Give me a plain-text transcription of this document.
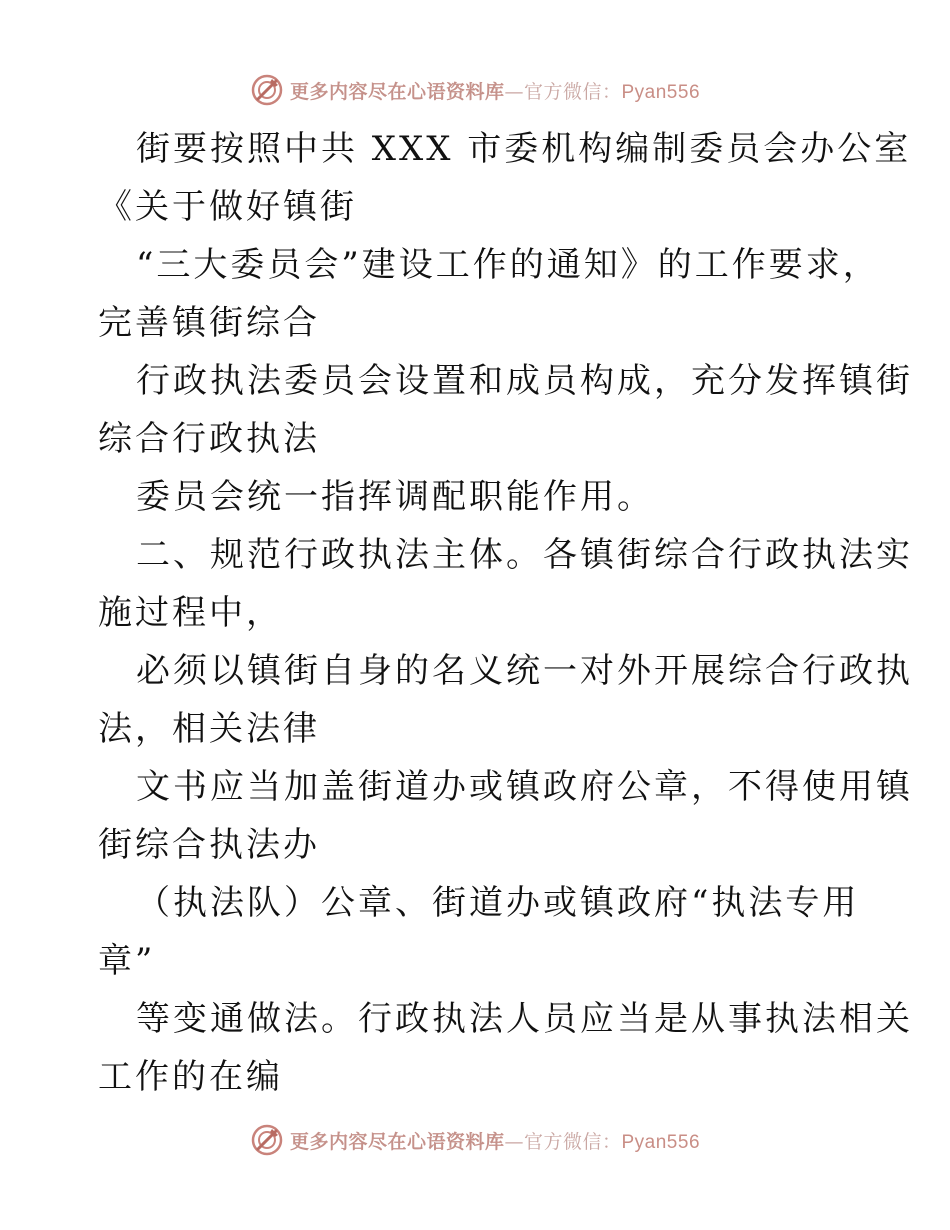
更多内容尽在心语资料库—官方微信：Pyan556
街要按照中共 XXX 市委机构编制委员会办公室
《关于做好镇街
“三大委员会”建设工作的通知》的工作要求，
完善镇街综合
行政执法委员会设置和成员构成，充分发挥镇街
综合行政执法
委员会统一指挥调配职能作用。
二、规范行政执法主体。各镇街综合行政执法实
施过程中，
必须以镇街自身的名义统一对外开展综合行政执
法，相关法律
文书应当加盖街道办或镇政府公章，不得使用镇
街综合执法办
（执法队）公章、街道办或镇政府“执法专用
章”
等变通做法。行政执法人员应当是从事执法相关
工作的在编
更多内容尽在心语资料库—官方微信：Pyan556
